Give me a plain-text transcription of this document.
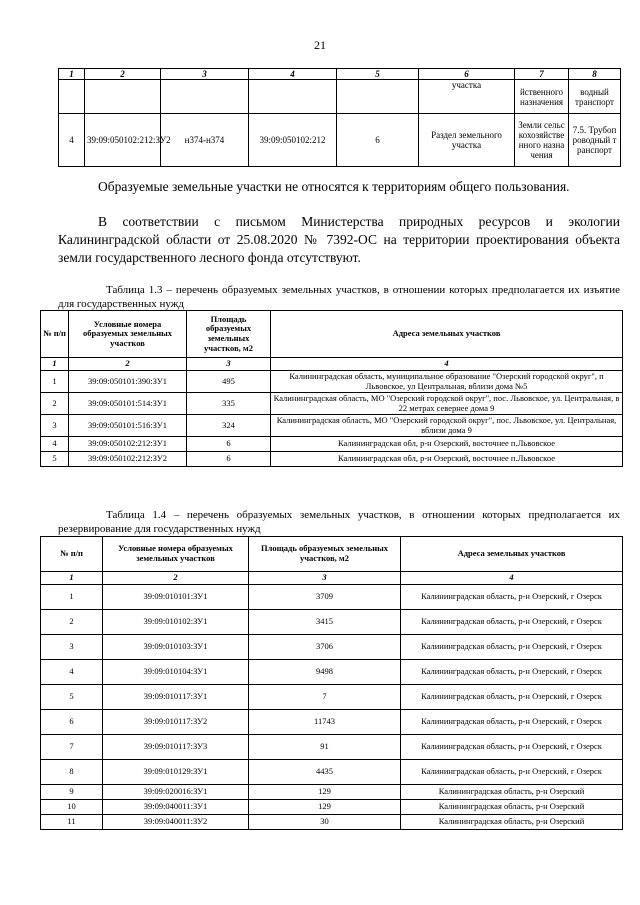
21
1	2	3	4	5	6	7	8
					участка	йственного назначения	водный транспорт
4	39:09:050102:212:ЗУ2	н374-н374	39:09:050102:212	6	Раздел земельного участка	Земли сельскохозяйственного назначения	7.5. Трубопроводный транспорт
Образуемые земельные участки не относятся к территориям общего пользования.
В соответствии с письмом Министерства природных ресурсов и экологии Калининградской области от 25.08.2020 № 7392-ОС на территории проектирования объекта земли государственного лесного фонда отсутствуют.
Таблица 1.3 – перечень образуемых земельных участков, в отношении которых предполагается их изъятие для государственных нужд
№ п/п	Условные номера образуемых земельных участков	Площадь образуемых земельных участков, м2	Адреса земельных участков
1	2	3	4
1	39:09:050101:390:ЗУ1	495	Калининградская область, муниципальное образование "Озерский городской округ", п Львовское, ул Центральная, вблизи дома №5
2	39:09:050101:514:ЗУ1	335	Калининградская область, МО "Озерский городской округ", пос. Львовское, ул. Центральная, в 22 метрах севернее дома 9
3	39:09:050101:516:ЗУ1	324	Калининградская область, МО "Озерский городской округ", пос. Львовское, ул. Центральная, вблизи дома 9
4	39:09:050102:212:ЗУ1	6	Калининградская обл, р-н Озерский, восточнее п.Львовское
5	39:09:050102:212:ЗУ2	6	Калининградская обл, р-н Озерский, восточнее п.Львовское
Таблица 1.4 – перечень образуемых земельных участков, в отношении которых предполагается их резервирование для государственных нужд
№ п/п	Условные номера образуемых земельных участков	Площадь образуемых земельных участков, м2	Адреса земельных участков
1	2	3	4
1	39:09:010101:ЗУ1	3709	Калининградская область, р-н Озерский, г Озерск
2	39:09:010102:ЗУ1	3415	Калининградская область, р-н Озерский, г Озерск
3	39:09:010103:ЗУ1	3706	Калининградская область, р-н Озерский, г Озерск
4	39:09:010104:ЗУ1	9498	Калининградская область, р-н Озерский, г Озерск
5	39:09:010117:ЗУ1	7	Калининградская область, р-н Озерский, г Озерск
6	39:09:010117:ЗУ2	11743	Калининградская область, р-н Озерский, г Озерск
7	39:09:010117:ЗУ3	91	Калининградская область, р-н Озерский, г Озерск
8	39:09:010129:ЗУ1	4435	Калининградская область, р-н Озерский, г Озерск
9	39:09:020016:ЗУ1	129	Калининградская область, р-н Озерский
10	39:09:040011:ЗУ1	129	Калининградская область, р-н Озерский
11	39:09:040011:ЗУ2	30	Калининградская область, р-н Озерский
